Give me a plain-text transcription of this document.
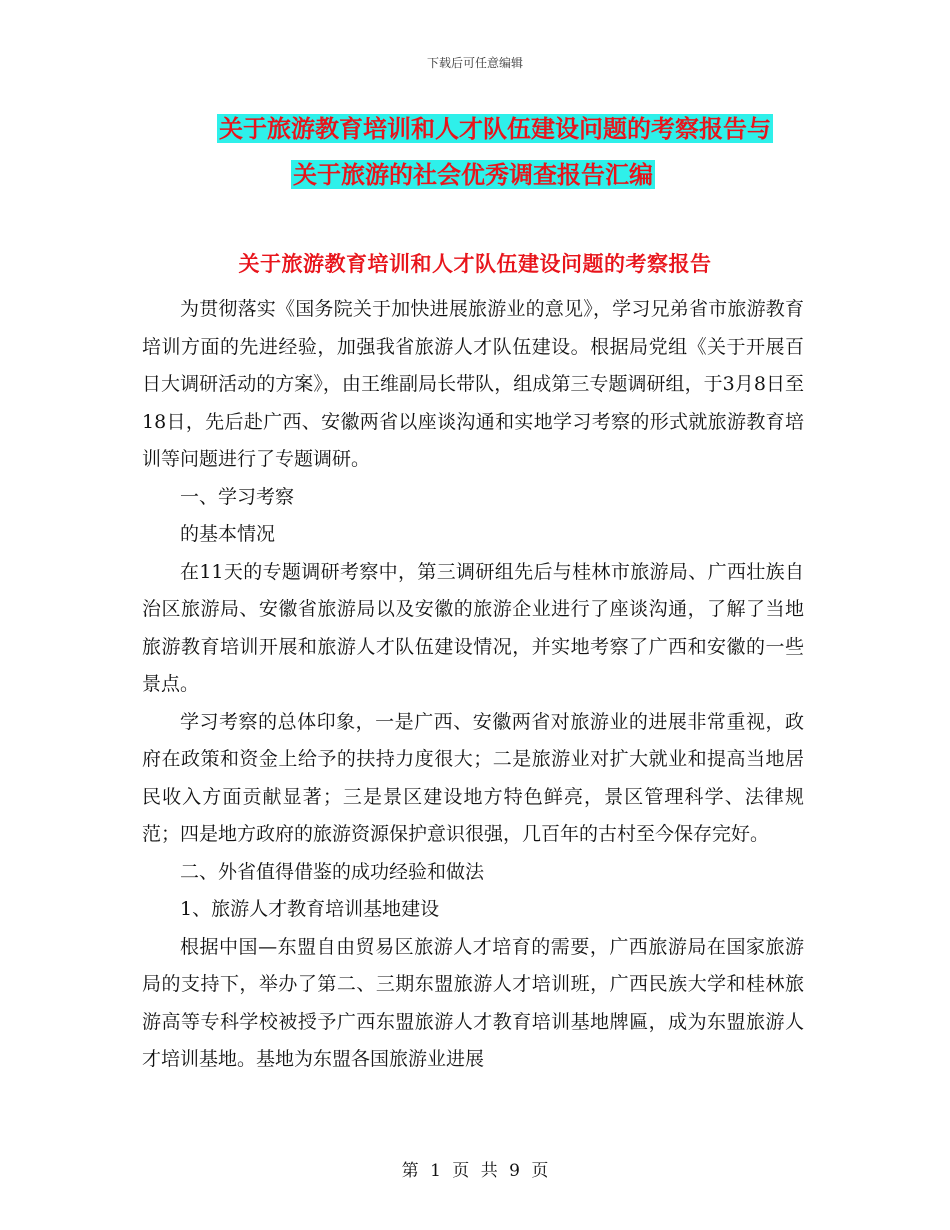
下载后可任意编辑
关于旅游教育培训和人才队伍建设问题的考察报告与
关于旅游的社会优秀调查报告汇编
关于旅游教育培训和人才队伍建设问题的考察报告

为贯彻落实《国务院关于加快进展旅游业的意见》，学习兄弟省市旅游教育培训方面的先进经验，加强我省旅游人才队伍建设。根据局党组《关于开展百日大调研活动的方案》，由王维副局长带队，组成第三专题调研组，于3月8日至18日，先后赴广西、安徽两省以座谈沟通和实地学习考察的形式就旅游教育培训等问题进行了专题调研。

一、学习考察

的基本情况

在11天的专题调研考察中，第三调研组先后与桂林市旅游局、广西壮族自治区旅游局、安徽省旅游局以及安徽的旅游企业进行了座谈沟通，了解了当地旅游教育培训开展和旅游人才队伍建设情况，并实地考察了广西和安徽的一些景点。

学习考察的总体印象，一是广西、安徽两省对旅游业的进展非常重视，政府在政策和资金上给予的扶持力度很大；二是旅游业对扩大就业和提高当地居民收入方面贡献显著；三是景区建设地方特色鲜亮，景区管理科学、法律规范；四是地方政府的旅游资源保护意识很强，几百年的古村至今保存完好。

二、外省值得借鉴的成功经验和做法

1、旅游人才教育培训基地建设

根据中国—东盟自由贸易区旅游人才培育的需要，广西旅游局在国家旅游局的支持下，举办了第二、三期东盟旅游人才培训班，广西民族大学和桂林旅游高等专科学校被授予广西东盟旅游人才教育培训基地牌匾，成为东盟旅游人才培训基地。基地为东盟各国旅游业进展

第 1 页 共 9 页
